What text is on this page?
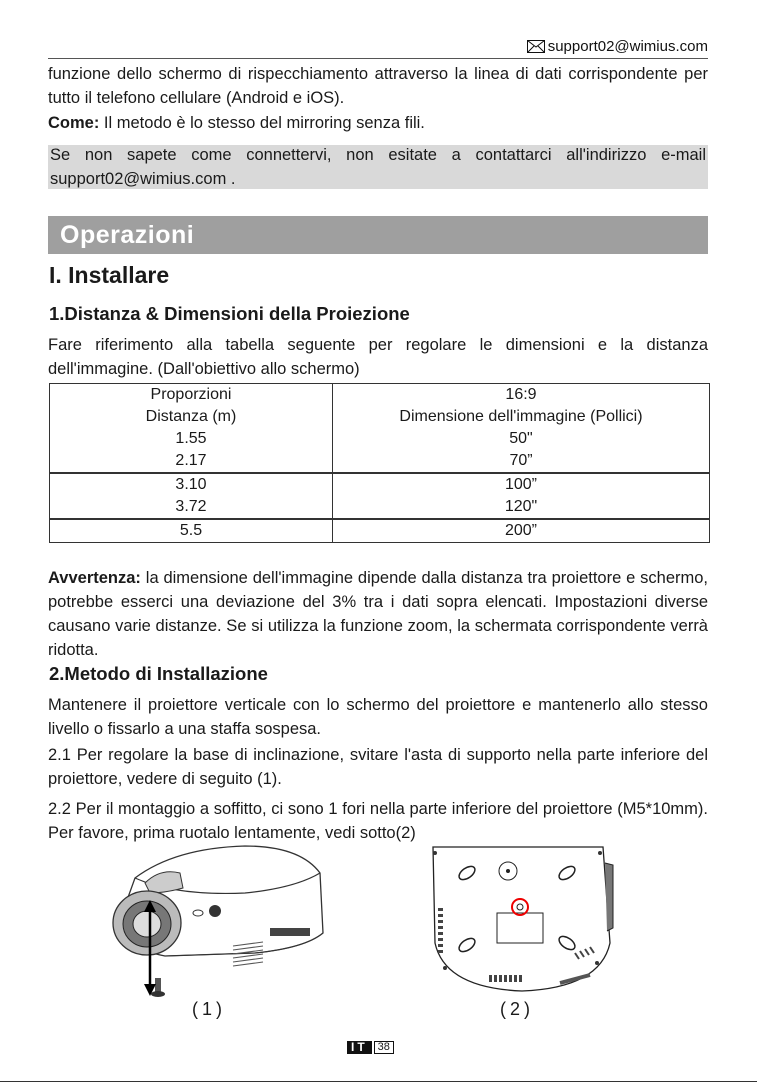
support02@wimius.com
funzione dello schermo di rispecchiamento attraverso la linea di dati corrispondente per tutto il telefono cellulare (Android e iOS).
Come: Il metodo è lo stesso del mirroring senza fili.
Se non sapete come connettervi, non esitate a contattarci all'indirizzo e-mail support02@wimius.com .
Operazioni
I. Installare
1.Distanza & Dimensioni della Proiezione
Fare riferimento alla tabella seguente per regolare le dimensioni e la distanza dell'immagine. (Dall'obiettivo allo schermo)
Proporzioni	16:9
Distanza (m)	Dimensione dell'immagine (Pollici)
1.55	50"
2.17	70”
3.10	100”
3.72	120"
5.5	200”
Avvertenza: la dimensione dell'immagine dipende dalla distanza tra proiettore e schermo, potrebbe esserci una deviazione del 3% tra i dati sopra elencati. Impostazioni diverse causano varie distanze. Se si utilizza la funzione zoom, la schermata corrispondente verrà ridotta.
2.Metodo di Installazione
Mantenere il proiettore verticale con lo schermo del proiettore e mantenerlo allo stesso livello o fissarlo a una staffa sospesa.
2.1 Per regolare la base di inclinazione, svitare l'asta di supporto nella parte inferiore del proiettore, vedere di seguito (1).
2.2 Per il montaggio a soffitto, ci sono 1 fori nella parte inferiore del proiettore (M5*10mm). Per favore, prima ruotalo lentamente, vedi sotto(2)
(1)	(2)
IT 38
